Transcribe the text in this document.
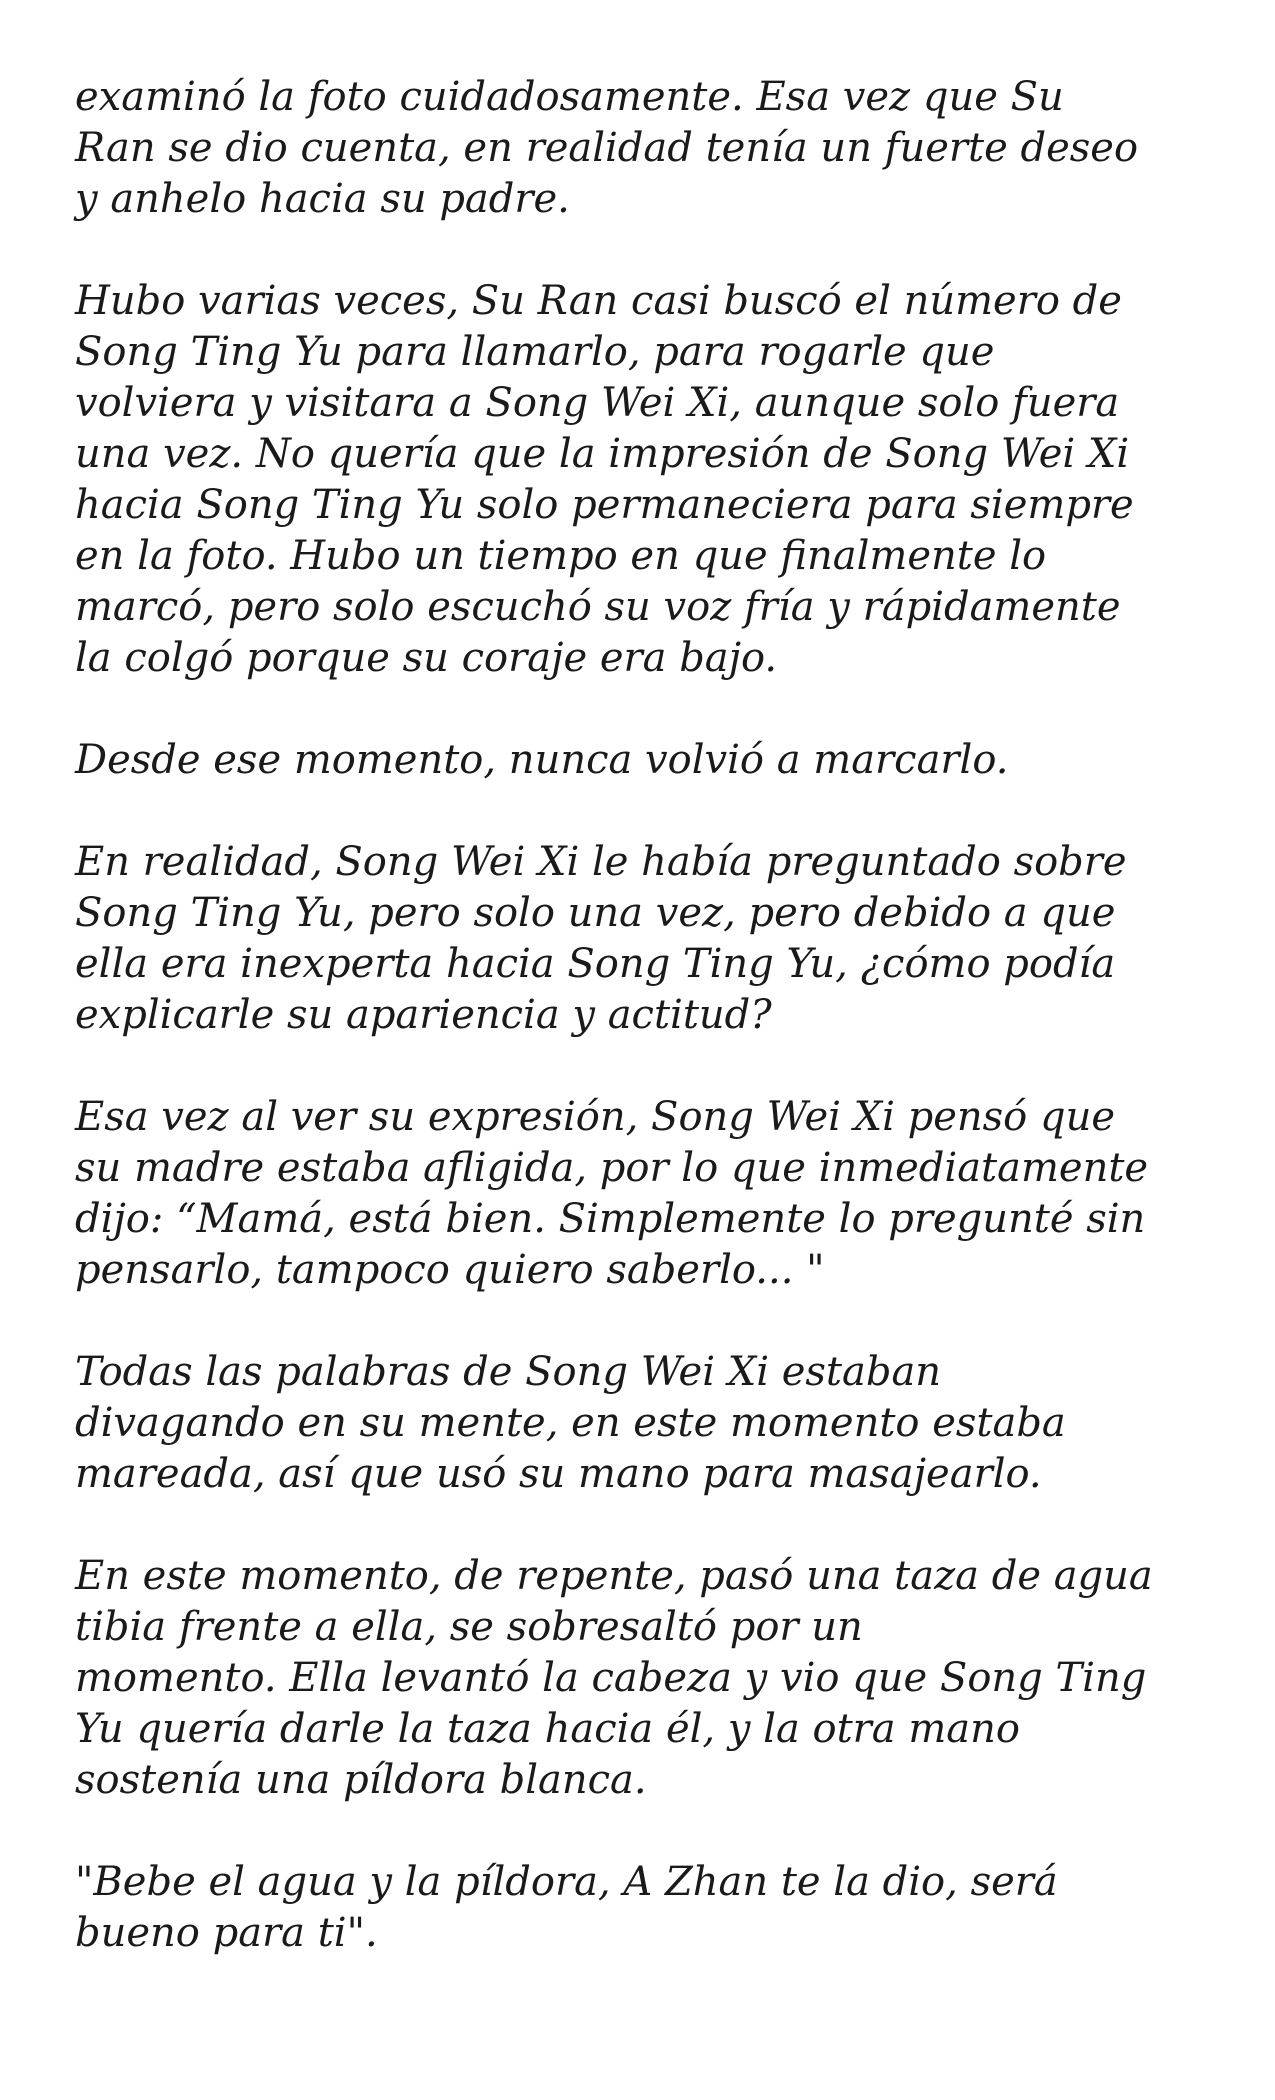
examinó la foto cuidadosamente. Esa vez que Su
Ran se dio cuenta, en realidad tenía un fuerte deseo
y anhelo hacia su padre.

Hubo varias veces, Su Ran casi buscó el número de
Song Ting Yu para llamarlo, para rogarle que
volviera y visitara a Song Wei Xi, aunque solo fuera
una vez. No quería que la impresión de Song Wei Xi
hacia Song Ting Yu solo permaneciera para siempre
en la foto. Hubo un tiempo en que finalmente lo
marcó, pero solo escuchó su voz fría y rápidamente
la colgó porque su coraje era bajo.

Desde ese momento, nunca volvió a marcarlo.

En realidad, Song Wei Xi le había preguntado sobre
Song Ting Yu, pero solo una vez, pero debido a que
ella era inexperta hacia Song Ting Yu, ¿cómo podía
explicarle su apariencia y actitud?

Esa vez al ver su expresión, Song Wei Xi pensó que
su madre estaba afligida, por lo que inmediatamente
dijo: “Mamá, está bien. Simplemente lo pregunté sin
pensarlo, tampoco quiero saberlo... "

Todas las palabras de Song Wei Xi estaban
divagando en su mente, en este momento estaba
mareada, así que usó su mano para masajearlo.

En este momento, de repente, pasó una taza de agua
tibia frente a ella, se sobresaltó por un
momento. Ella levantó la cabeza y vio que Song Ting
Yu quería darle la taza hacia él, y la otra mano
sostenía una píldora blanca.

"Bebe el agua y la píldora, A Zhan te la dio, será
bueno para ti".
